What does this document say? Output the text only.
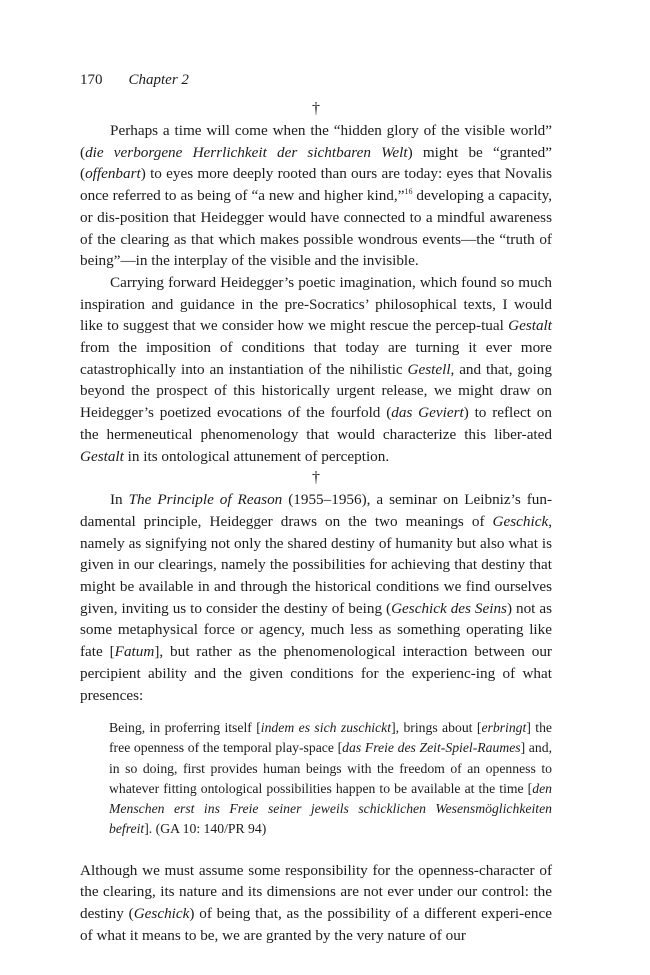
170 Chapter 2
†

Perhaps a time will come when the “hidden glory of the visible world” (die verborgene Herrlichkeit der sichtbaren Welt) might be “granted” (offenbart) to eyes more deeply rooted than ours are today: eyes that Novalis once referred to as being of “a new and higher kind,”$^{16}$ developing a capacity, or dis-position that Heidegger would have connected to a mindful awareness of the clearing as that which makes possible wondrous events—the “truth of being”—in the interplay of the visible and the invisible.

Carrying forward Heidegger’s poetic imagination, which found so much inspiration and guidance in the pre-Socratics’ philosophical texts, I would like to suggest that we consider how we might rescue the percep-tual Gestalt from the imposition of conditions that today are turning it ever more catastrophically into an instantiation of the nihilistic Gestell, and that, going beyond the prospect of this historically urgent release, we might draw on Heidegger’s poetized evocations of the fourfold (das Geviert) to reflect on the hermeneutical phenomenology that would characterize this liber-ated Gestalt in its ontological attunement of perception.

†

In The Principle of Reason (1955–1956), a seminar on Leibniz’s fun-damental principle, Heidegger draws on the two meanings of Geschick, namely as signifying not only the shared destiny of humanity but also what is given in our clearings, namely the possibilities for achieving that destiny that might be available in and through the historical conditions we find ourselves given, inviting us to consider the destiny of being (Geschick des Seins) not as some metaphysical force or agency, much less as something operating like fate [Fatum], but rather as the phenomenological interaction between our percipient ability and the given conditions for the experienc-ing of what presences:

Being, in proferring itself [indem es sich zuschickt], brings about [erbringt] the free openness of the temporal play-space [das Freie des Zeit-Spiel-Raumes] and, in so doing, first provides human beings with the freedom of an openness to whatever fitting ontological possibilities happen to be available at the time [den Menschen erst ins Freie seiner jeweils schicklichen Wesensmöglichkeiten befreit]. (GA 10: 140/PR 94)

Although we must assume some responsibility for the openness-character of the clearing, its nature and its dimensions are not ever under our control: the destiny (Geschick) of being that, as the possibility of a different experi-ence of what it means to be, we are granted by the very nature of our
